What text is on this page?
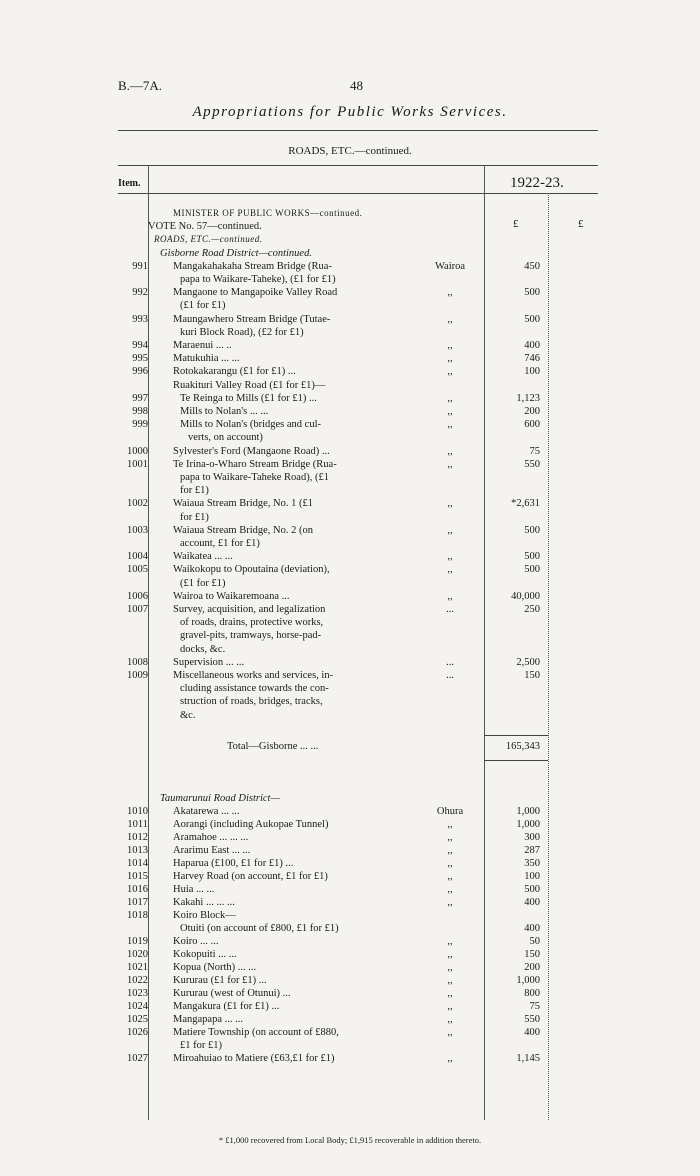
B.—7A.	48
Appropriations for Public Works Services.
ROADS, ETC.—continued.
Item.	1922-23.
£	£
MINISTER OF PUBLIC WORKS—continued.
VOTE No. 57—continued.
ROADS, ETC.—continued.
Gisborne Road District—continued.
991 Mangakahakaha Stream Bridge (Rua-	Wairoa	450
papa to Waikare-Taheke), (£1 for £1)
992 Mangaone to Mangapoike Valley Road	,,	500
(£1 for £1)
993 Maungawhero Stream Bridge (Tutae-	,,	500
kuri Block Road), (£2 for £1)
994 Maraenui ... ..	,,	400
995 Matukuhia ... ...	,,	746
996 Rotokakarangu (£1 for £1) ...	,,	100
Ruakituri Valley Road (£1 for £1)—
997	Te Reinga to Mills (£1 for £1) ...	,,	1,123
998	Mills to Nolan's ... ...	,,	200
999	Mills to Nolan's (bridges and cul-	,,	600
verts, on account)
1000 Sylvester's Ford (Mangaone Road) ...	,,	75
1001 Te Irina-o-Wharo Stream Bridge (Rua-	,,	550
papa to Waikare-Taheke Road), (£1
for £1)
1002 Waiaua Stream Bridge, No. 1 (£1	,,	*2,631
for £1)
1003 Waiaua Stream Bridge, No. 2 (on	,,	500
account, £1 for £1)
1004 Waikatea ... ...	,,	500
1005 Waikokopu to Opoutaina (deviation),	,,	500
(£1 for £1)
1006 Wairoa to Waikaremoana ...	,,	40,000
1007 Survey, acquisition, and legalization	...	250
of roads, drains, protective works,
gravel-pits, tramways, horse-pad-
docks, &c.
1008 Supervision ... ...	...	2,500
1009 Miscellaneous works and services, in-	...	150
cluding assistance towards the con-
struction of roads, bridges, tracks,
&c.
Total—Gisborne ... ...	165,343
Taumarunui Road District—
1010 Akatarewa ... ...	Ohura	1,000
1011 Aorangi (including Aukopae Tunnel)	,,	1,000
1012 Aramahoe ... ... ...	,,	300
1013 Ararimu East ... ...	,,	287
1014 Haparua (£100, £1 for £1) ...	,,	350
1015 Harvey Road (on account, £1 for £1)	,,	100
1016 Huia ... ...	,,	500
1017 Kakahi ... ... ...	,,	400
1018 Koiro Block—
Otuiti (on account of £800, £1 for £1)	400
1019 Koiro ... ...	,,	50
1020 Kokopuiti ... ...	,,	150
1021 Kopua (North) ... ...	,,	200
1022 Kururau (£1 for £1) ...	,,	1,000
1023 Kururau (west of Otunui) ...	,,	800
1024 Mangakura (£1 for £1) ...	,,	75
1025 Mangapapa ... ...	,,	550
1026 Matiere Township (on account of £880,	,,	400
£1 for £1)
1027 Miroahuiao to Matiere (£63,£1 for £1)	,,	1,145
* £1,000 recovered from Local Body; £1,915 recoverable in addition thereto.
